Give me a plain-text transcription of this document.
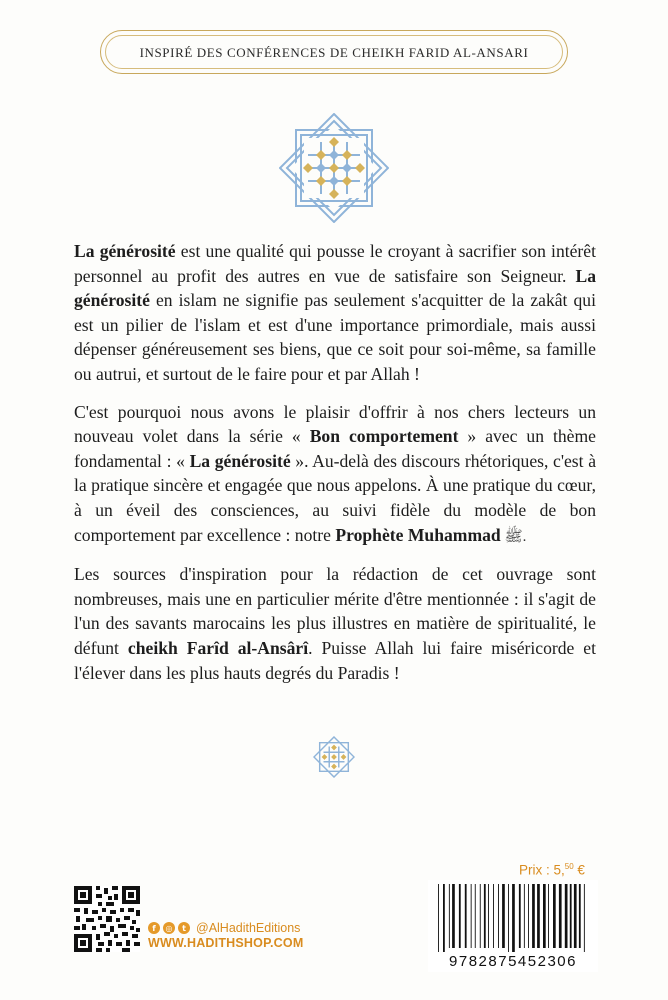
INSPIRÉ DES CONFÉRENCES DE CHEIKH FARID AL-ANSARI

La générosité est une qualité qui pousse le croyant à sacrifier son intérêt personnel au profit des autres en vue de satisfaire son Seigneur. La générosité en islam ne signifie pas seulement s'acquitter de la zakât qui est un pilier de l'islam et est d'une importance primordiale, mais aussi dépenser généreusement ses biens, que ce soit pour soi-même, sa famille ou autrui, et surtout de le faire pour et par Allah !

C'est pourquoi nous avons le plaisir d'offrir à nos chers lecteurs un nouveau volet dans la série « Bon comportement » avec un thème fondamental : « La générosité ». Au-delà des discours rhétoriques, c'est à la pratique sincère et engagée que nous appelons. À une pratique du cœur, à un éveil des consciences, au suivi fidèle du modèle de bon comportement par excellence : notre Prophète Muhammad ﷺ.

Les sources d'inspiration pour la rédaction de cet ouvrage sont nombreuses, mais une en particulier mérite d'être mentionnée : il s'agit de l'un des savants marocains les plus illustres en matière de spiritualité, le défunt cheikh Farîd al-Ansârî. Puisse Allah lui faire miséricorde et l'élever dans les plus hauts degrés du Paradis !

f	◎	t @AlHadithEditions
WWW.HADITHSHOP.COM
Prix : 5,50 €
9782875452306
